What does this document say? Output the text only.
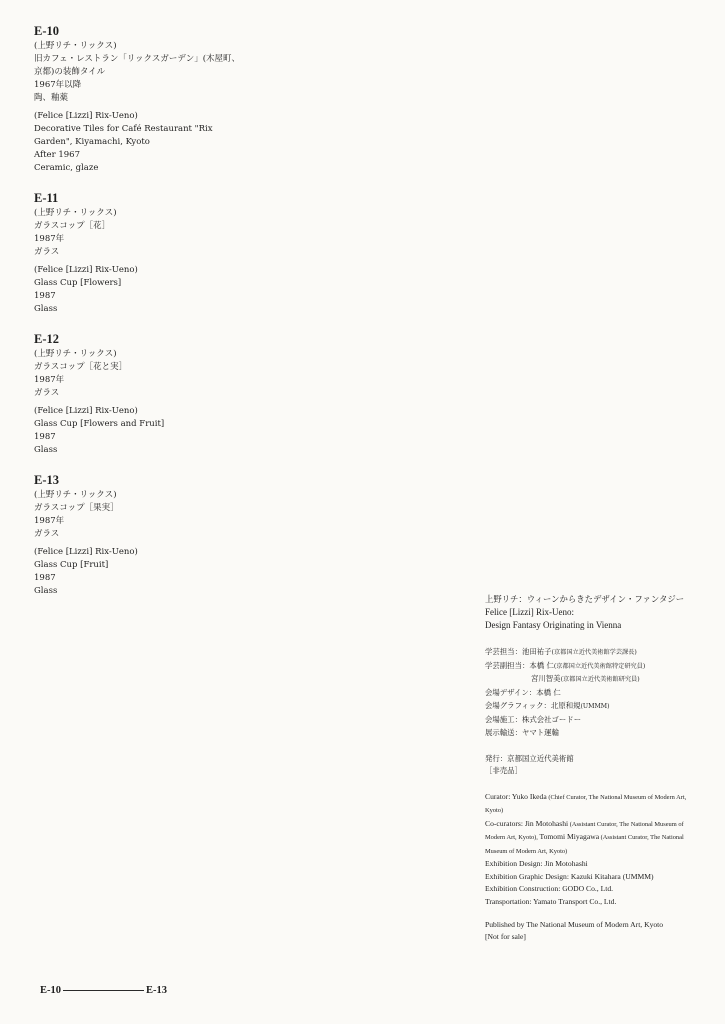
E-10
(上野リチ・リックス)
旧カフェ・レストラン「リックスガーデン」(木屋町、京都)の装飾タイル
1967年以降
陶、釉薬
(Felice [Lizzi] Rix-Ueno)
Decorative Tiles for Café Restaurant "Rix Garden", Kiyamachi, Kyoto
After 1967
Ceramic, glaze
E-11
(上野リチ・リックス)
ガラスコップ［花］
1987年
ガラス
(Felice [Lizzi] Rix-Ueno)
Glass Cup [Flowers]
1987
Glass
E-12
(上野リチ・リックス)
ガラスコップ［花と実］
1987年
ガラス
(Felice [Lizzi] Rix-Ueno)
Glass Cup [Flowers and Fruit]
1987
Glass
E-13
(上野リチ・リックス)
ガラスコップ［果実］
1987年
ガラス
(Felice [Lizzi] Rix-Ueno)
Glass Cup [Fruit]
1987
Glass
上野リチ：ウィーンからきたデザイン・ファンタジー
Felice [Lizzi] Rix-Ueno:
Design Fantasy Originating in Vienna
学芸担当：池田祐子(京都国立近代美術館学芸課長)
学芸副担当：本橋 仁(京都国立近代美術館特定研究員)
宮川智美(京都国立近代美術館研究員)
会場デザイン：本橋 仁
会場グラフィック：北原和規(UMMM)
会場施工：株式会社ゴードー
展示輸送：ヤマト運輸
発行：京都国立近代美術館
［非売品］
Curator: Yuko Ikeda (Chief Curator, The National Museum of Modern Art, Kyoto)
Co-curators: Jin Motohashi (Assistant Curator, The National Museum of Modern Art, Kyoto), Tomomi Miyagawa (Assistant Curator, The National Museum of Modern Art, Kyoto)
Exhibition Design: Jin Motohashi
Exhibition Graphic Design: Kazuki Kitahara (UMMM)
Exhibition Construction: GODO Co., Ltd.
Transportation: Yamato Transport Co., Ltd.
Published by The National Museum of Modern Art, Kyoto
[Not for sale]
E-10	E-13
